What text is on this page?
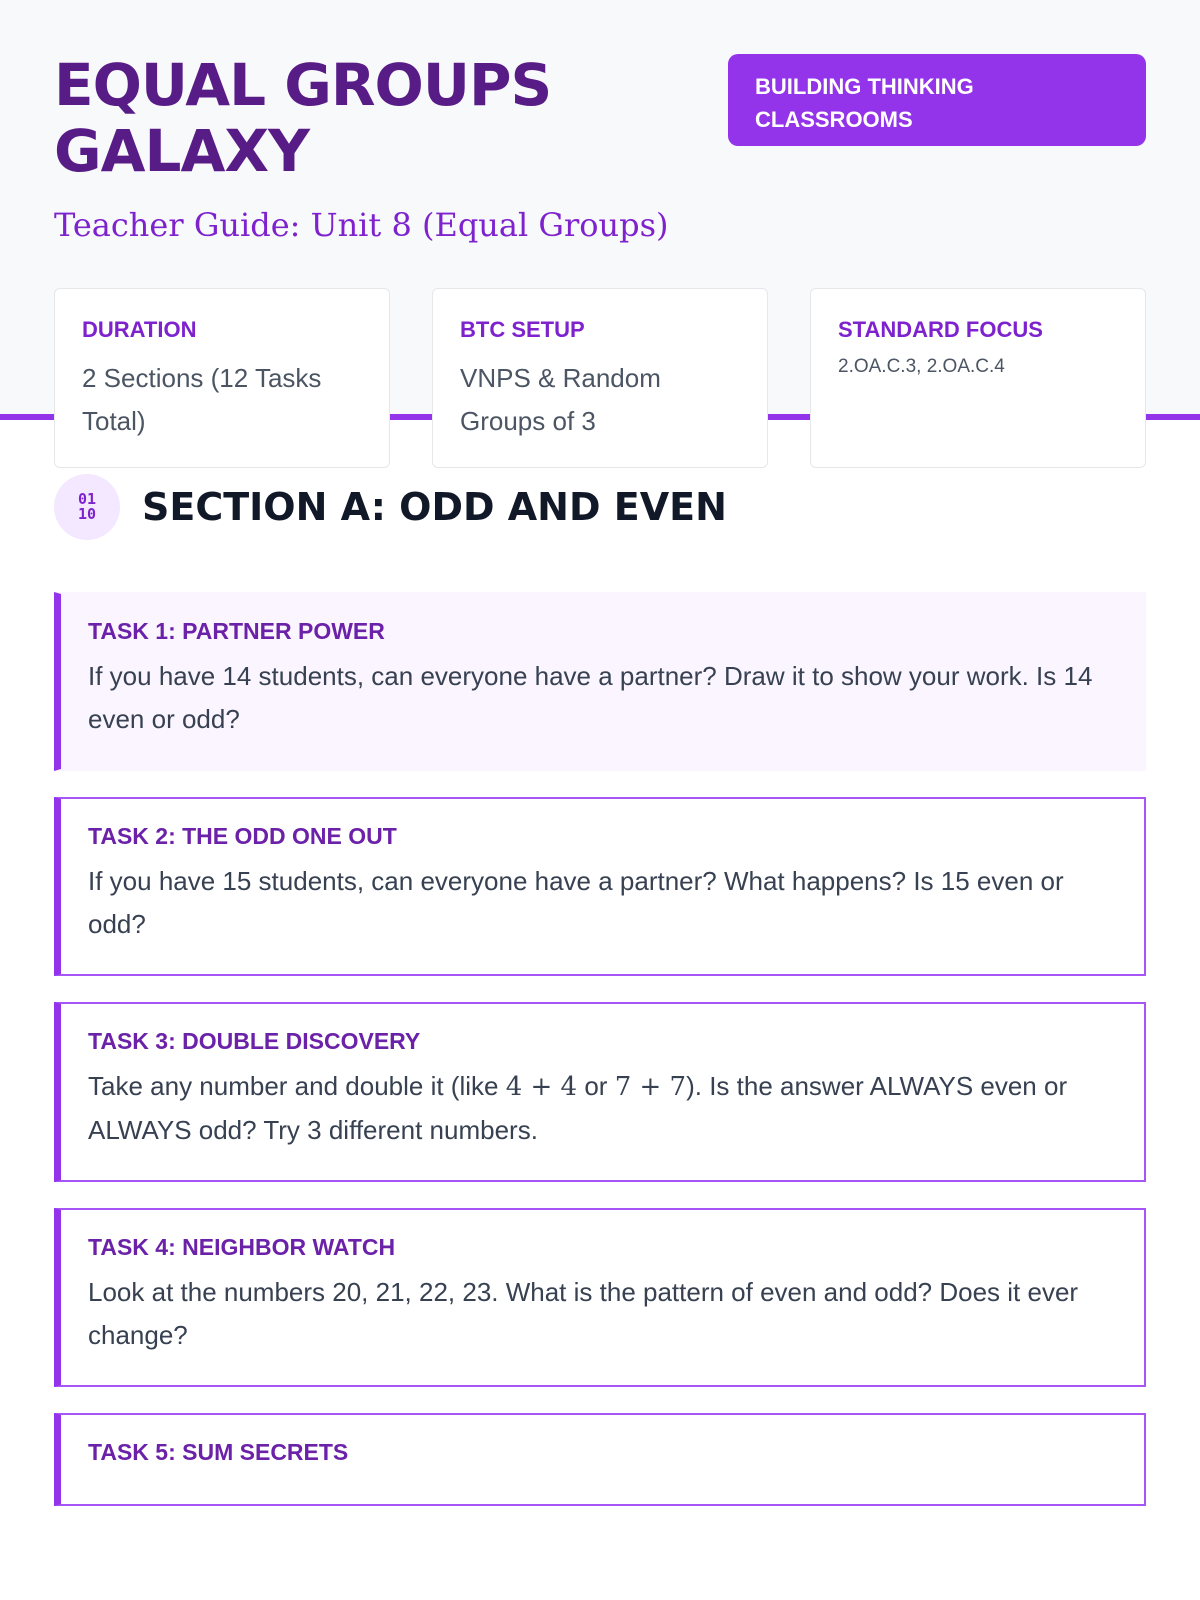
EQUAL GROUPS GALAXY
Teacher Guide: Unit 8 (Equal Groups)
BUILDING THINKING CLASSROOMS
DURATION
2 Sections (12 Tasks Total)
BTC SETUP
VNPS & Random Groups of 3
STANDARD FOCUS
2.OA.C.3, 2.OA.C.4
01
10 SECTION A: ODD AND EVEN
TASK 1: PARTNER POWER
If you have 14 students, can everyone have a partner? Draw it to show your work. Is 14 even or odd?
TASK 2: THE ODD ONE OUT
If you have 15 students, can everyone have a partner? What happens? Is 15 even or odd?
TASK 3: DOUBLE DISCOVERY
Take any number and double it (like 4 + 4 or 7 + 7). Is the answer ALWAYS even or ALWAYS odd? Try 3 different numbers.
TASK 4: NEIGHBOR WATCH
Look at the numbers 20, 21, 22, 23. What is the pattern of even and odd? Does it ever change?
TASK 5: SUM SECRETS
